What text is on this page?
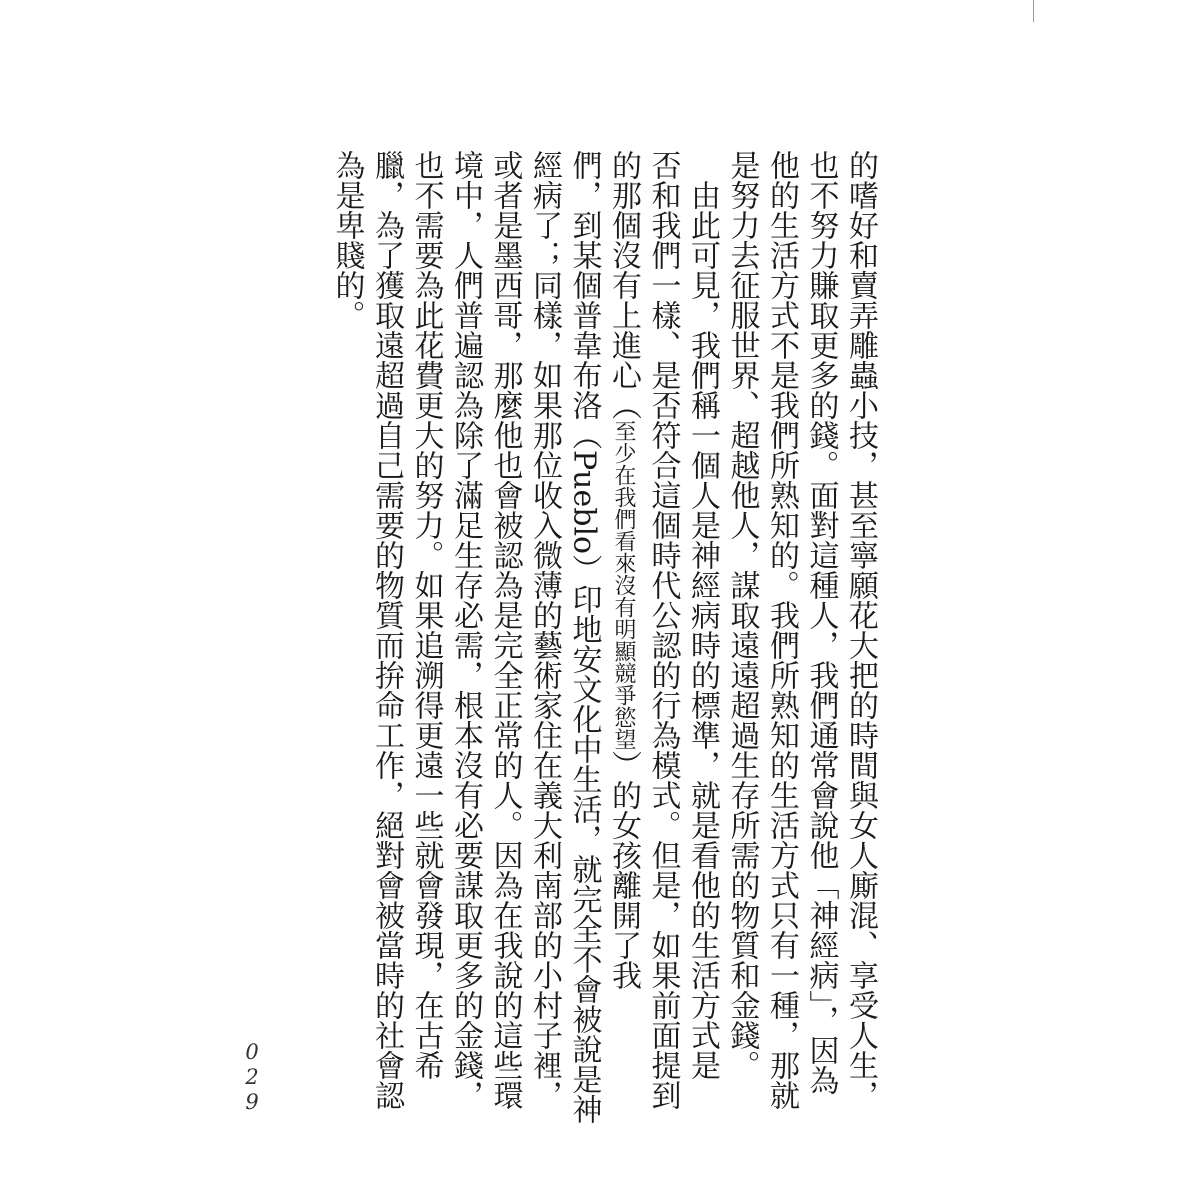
的嗜好和賣弄雕蟲小技，甚至寧願花大把的時間與女人廝混、享受人生，
也不努力賺取更多的錢。面對這種人，我們通常會說他「神經病」，因為
他的生活方式不是我們所熟知的。我們所熟知的生活方式只有一種，那就
是努力去征服世界、超越他人，謀取遠遠超過生存所需的物質和金錢。
　由此可見，我們稱一個人是神經病時的標準，就是看他的生活方式是
否和我們一樣、是否符合這個時代公認的行為模式。但是，如果前面提到
的那個沒有上進心（至少在我們看來沒有明顯競爭慾望）的女孩離開了我
們，到某個普韋布洛（Pueblo）印地安文化中生活，就完全不會被說是神
經病了；同樣，如果那位收入微薄的藝術家住在義大利南部的小村子裡，
或者是墨西哥，那麼他也會被認為是完全正常的人。因為在我說的這些環
境中，人們普遍認為除了滿足生存必需，根本沒有必要謀取更多的金錢，
也不需要為此花費更大的努力。如果追溯得更遠一些就會發現，在古希
臘，為了獲取遠超過自己需要的物質而拚命工作，絕對會被當時的社會認
為是卑賤的。
029
